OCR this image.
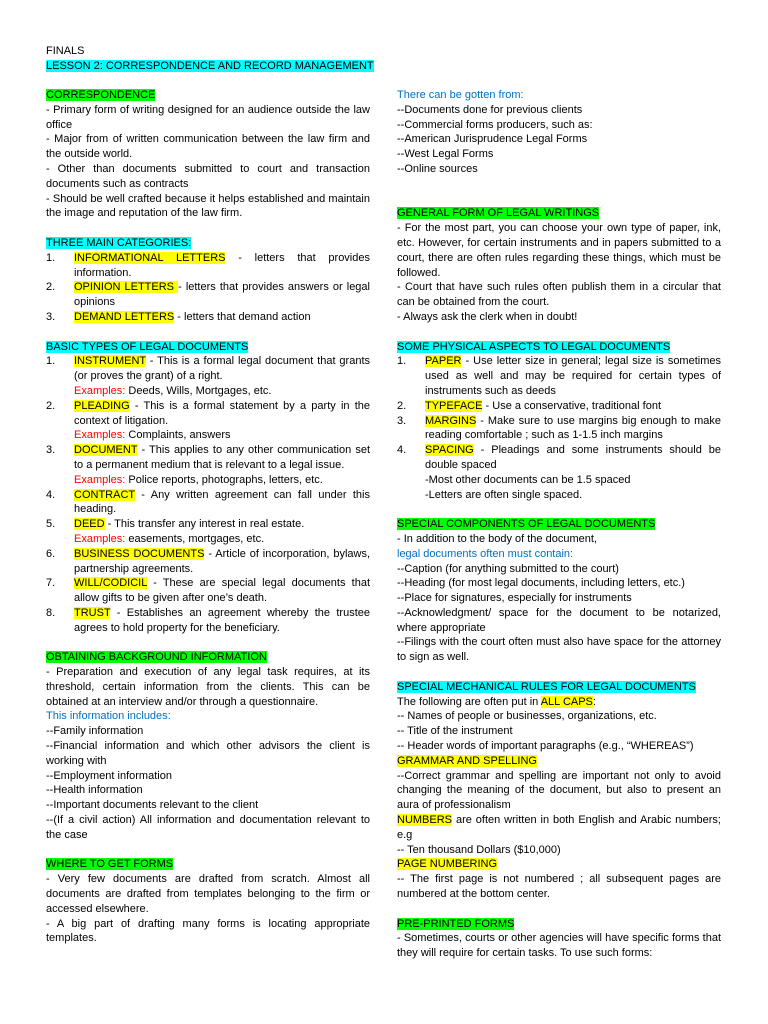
FINALS

LESSON 2: CORRESPONDENCE AND RECORD MANAGEMENT

CORRESPONDENCE

- Primary form of writing designed for an audience outside the law office

- Major from of written communication between the law firm and the outside world.

- Other than documents submitted to court and transaction documents such as contracts

- Should be well crafted because it helps established and maintain the image and reputation of the law firm.

THREE MAIN CATEGORIES:

1. INFORMATIONAL LETTERS - letters that provides information.
2. OPINION LETTERS - letters that provides answers or legal opinions
3. DEMAND LETTERS - letters that demand action

BASIC TYPES OF LEGAL DOCUMENTS

1. INSTRUMENT - This is a formal legal document that grants (or proves the grant) of a right.
Examples: Deeds, Wills, Mortgages, etc.
2. PLEADING - This is a formal statement by a party in the context of litigation.
Examples: Complaints, answers
3. DOCUMENT - This applies to any other communication set to a permanent medium that is relevant to a legal issue.
Examples: Police reports, photographs, letters, etc.
4. CONTRACT - Any written agreement can fall under this heading.
5. DEED - This transfer any interest in real estate.
Examples: easements, mortgages, etc.
6. BUSINESS DOCUMENTS - Article of incorporation, bylaws, partnership agreements.
7. WILL/CODICIL - These are special legal documents that allow gifts to be given after one’s death.
8. TRUST - Establishes an agreement whereby the trustee agrees to hold property for the beneficiary.

OBTAINING BACKGROUND INFORMATION

- Preparation and execution of any legal task requires, at its threshold, certain information from the clients. This can be obtained at an interview and/or through a questionnaire.

This information includes:

--Family information

--Financial information and which other advisors the client is working with

--Employment information

--Health information

--Important documents relevant to the client

--(If a civil action) All information and documentation relevant to the case

WHERE TO GET FORMS

- Very few documents are drafted from scratch. Almost all documents are drafted from templates belonging to the firm or accessed elsewhere.

- A big part of drafting many forms is locating appropriate templates.

There can be gotten from:

--Documents done for previous clients

--Commercial forms producers, such as:

--American Jurisprudence Legal Forms

--West Legal Forms

--Online sources

GENERAL FORM OF LEGAL WRITINGS

- For the most part, you can choose your own type of paper, ink, etc. However, for certain instruments and in papers submitted to a court, there are often rules regarding these things, which must be followed.

- Court that have such rules often publish them in a circular that can be obtained from the court.

- Always ask the clerk when in doubt!

SOME PHYSICAL ASPECTS TO LEGAL DOCUMENTS

1. PAPER - Use letter size in general; legal size is sometimes used as well and may be required for certain types of instruments such as deeds
2. TYPEFACE - Use a conservative, traditional font
3. MARGINS - Make sure to use margins big enough to make reading comfortable ; such as 1-1.5 inch margins
4. SPACING - Pleadings and some instruments should be double spaced
-Most other documents can be 1.5 spaced
-Letters are often single spaced.

SPECIAL COMPONENTS OF LEGAL DOCUMENTS

- In addition to the body of the document,

legal documents often must contain:

--Caption (for anything submitted to the court)

--Heading (for most legal documents, including letters, etc.)

--Place for signatures, especially for instruments

--Acknowledgment/ space for the document to be notarized, where appropriate

--Filings with the court often must also have space for the attorney to sign as well.

SPECIAL MECHANICAL RULES FOR LEGAL DOCUMENTS

The following are often put in ALL CAPS:

-- Names of people or businesses, organizations, etc.

-- Title of the instrument

-- Header words of important paragraphs (e.g., “WHEREAS”)

GRAMMAR AND SPELLING

--Correct grammar and spelling are important not only to avoid changing the meaning of the document, but also to present an aura of professionalism

NUMBERS are often written in both English and Arabic numbers; e.g

-- Ten thousand Dollars ($10,000)

PAGE NUMBERING

-- The first page is not numbered ; all subsequent pages are numbered at the bottom center.

PRE-PRINTED FORMS

- Sometimes, courts or other agencies will have specific forms that they will require for certain tasks. To use such forms:
